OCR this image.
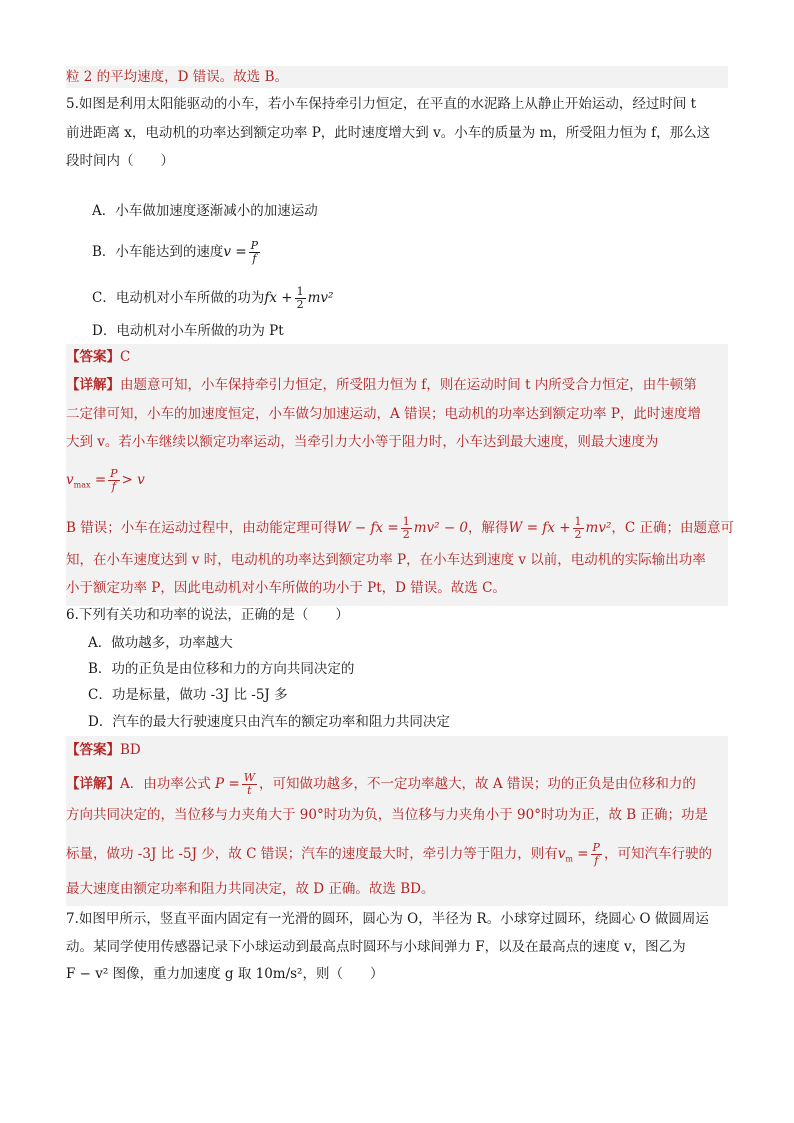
粒 2 的平均速度，D 错误。故选 B。
5.如图是利用太阳能驱动的小车，若小车保持牵引力恒定，在平直的水泥路上从静止开始运动，经过时间 t
前进距离 x，电动机的功率达到额定功率 P，此时速度增大到 v。小车的质量为 m，所受阻力恒为 f，那么这
段时间内（　　）
A．小车做加速度逐渐减小的加速运动
B．小车能达到的速度$v = \frac{P}{f}$
C．电动机对小车所做的功为fx + $\frac{1}{2} mv^2$
D．电动机对小车所做的功为 Pt
【答案】C
【详解】由题意可知，小车保持牵引力恒定，所受阻力恒为 f，则在运动时间 t 内所受合力恒定，由牛顿第
二定律可知，小车的加速度恒定，小车做匀加速运动，A 错误；电动机的功率达到额定功率 P，此时速度增
大到 v。若小车继续以额定功率运动，当牵引力大小等于阻力时，小车达到最大速度，则最大速度为
$v_{max} = \frac{P}{f} > v$
B 错误；小车在运动过程中，由动能定理可得W − fx = $\frac{1}{2} mv^2 - 0$，解得W = fx + $\frac{1}{2} mv^2$，C 正确；由题意可
知，在小车速度达到 v 时，电动机的功率达到额定功率 P，在小车达到速度 v 以前，电动机的实际输出功率
小于额定功率 P，因此电动机对小车所做的功小于 Pt，D 错误。故选 C。
6.下列有关功和功率的说法，正确的是（　　）
A．做功越多，功率越大
B．功的正负是由位移和力的方向共同决定的
C．功是标量，做功 -3J 比 -5J 多
D．汽车的最大行驶速度只由汽车的额定功率和阻力共同决定
【答案】BD
【详解】A．由功率公式 $P = \frac{W}{t}$ ，可知做功越多，不一定功率越大，故 A 错误；功的正负是由位移和力的
方向共同决定的，当位移与力夹角大于 90°时功为负，当位移与力夹角小于 90°时功为正，故 B 正确；功是
标量，做功 -3J 比 -5J 少，故 C 错误；汽车的速度最大时，牵引力等于阻力，则有$v_m = \frac{P}{f}$ ，可知汽车行驶的
最大速度由额定功率和阻力共同决定，故 D 正确。故选 BD。
7.如图甲所示，竖直平面内固定有一光滑的圆环，圆心为 O，半径为 R。小球穿过圆环，绕圆心 O 做圆周运
动。某同学使用传感器记录下小球运动到最高点时圆环与小球间弹力 F，以及在最高点的速度 v，图乙为
F − v² 图像，重力加速度 g 取 10m/s²，则（　　）
